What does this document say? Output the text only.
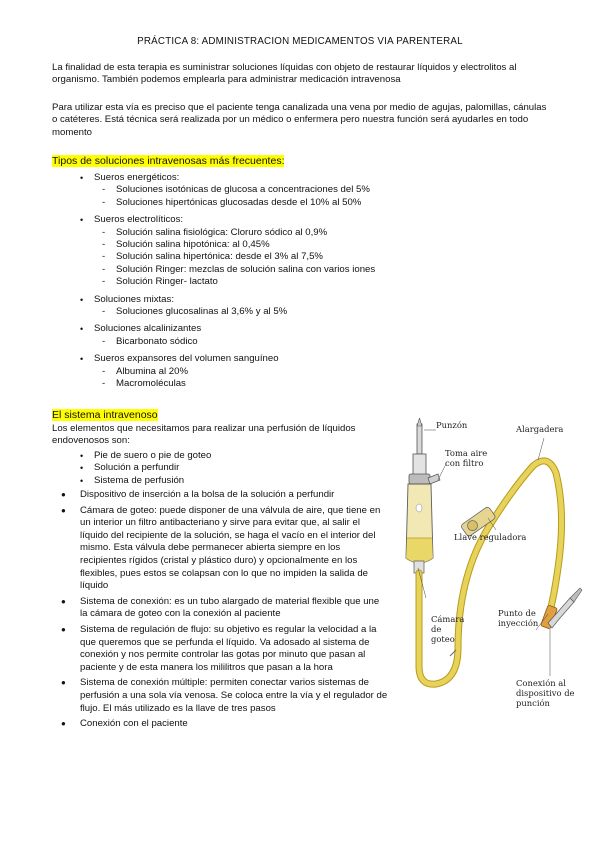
PRÁCTICA 8: ADMINISTRACION MEDICAMENTOS VIA PARENTERAL
La finalidad de esta terapia es suministrar soluciones líquidas con objeto de restaurar líquidos y electrolitos al organismo. También podemos emplearla para administrar medicación intravenosa
Para utilizar esta vía es preciso que el paciente tenga canalizada una vena por medio de agujas, palomillas, cánulas o catéteres. Está técnica será realizada por un médico o enfermera pero nuestra función será ayudarles en todo momento
Tipos de soluciones intravenosas más frecuentes:
• Sueros energéticos:
- Soluciones isotónicas de glucosa a concentraciones del 5%
- Soluciones hipertónicas glucosadas desde el 10% al 50%
• Sueros electrolíticos:
- Solución salina fisiológica: Cloruro sódico al 0,9%
- Solución salina hipotónica: al 0,45%
- Solución salina hipertónica: desde el 3% al 7,5%
- Solución Ringer: mezclas de solución salina con varios iones
- Solución Ringer- lactato
• Soluciones mixtas:
- Soluciones glucosalinas al 3,6% y al 5%
• Soluciones alcalinizantes
- Bicarbonato sódico
• Sueros expansores del volumen sanguíneo
- Albumina al 20%
- Macromoléculas
El sistema intravenoso
Los elementos que necesitamos para realizar una perfusión de líquidos endovenosos son:
• Pie de suero o pie de goteo
• Solución a perfundir
• Sistema de perfusión
● Dispositivo de inserción a la bolsa de la solución a perfundir
● Cámara de goteo: puede disponer de una válvula de aire, que tiene en un interior un filtro antibacteriano y sirve para evitar que, al salir el líquido del recipiente de la solución, se haga el vacío en el interior del mismo. Esta válvula debe permanecer abierta siempre en los recipientes rígidos (cristal y plástico duro) y opcionalmente en los flexibles, pues estos se colapsan con lo que no impiden la salida de líquido
● Sistema de conexión: es un tubo alargado de material flexible que une la cámara de goteo con la conexión al paciente
● Sistema de regulación de flujo: su objetivo es regular la velocidad a la que queremos que se perfunda el líquido. Va adosado al sistema de conexión y nos permite controlar las gotas por minuto que pasan al paciente y de esta manera los mililitros que pasan a la hora
● Sistema de conexión múltiple: permiten conectar varios sistemas de perfusión a una sola vía venosa. Se coloca entre la vía y el regulador de flujo. El más utilizado es la llave de tres pasos
● Conexión con el paciente
Punzón	Alargadera
Toma aire con filtro
Llave reguladora
Punto de inyección
Cámara de goteo
Conexión al dispositivo de punción
